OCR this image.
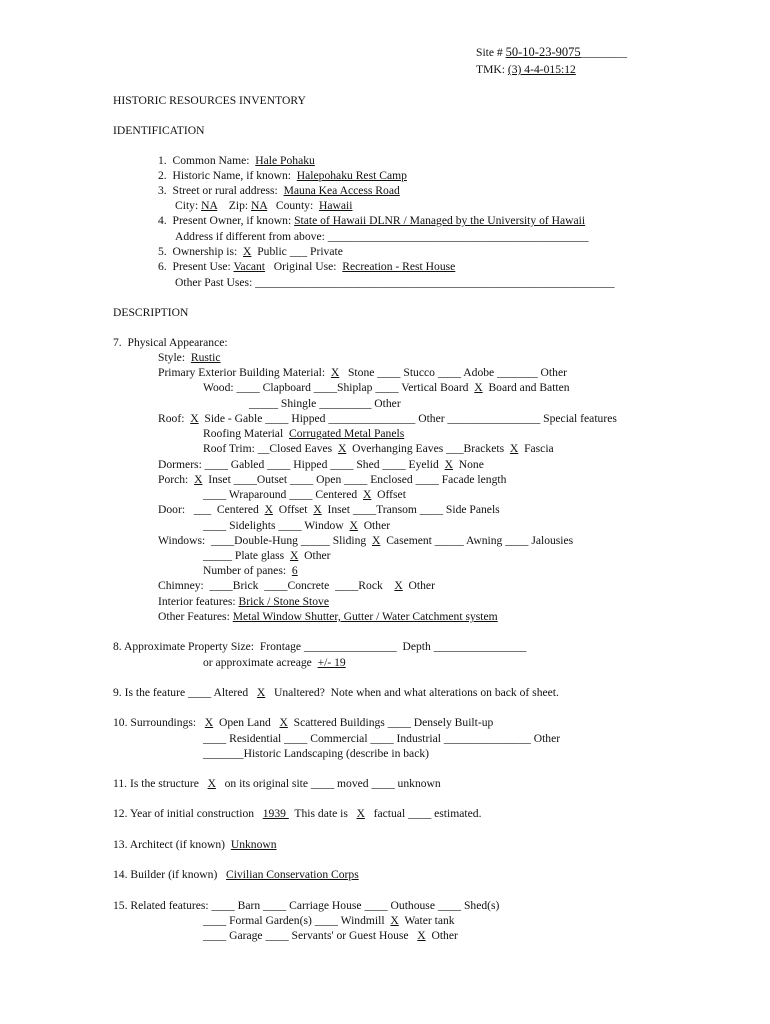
Site # 50-10-23-9075________
TMK: (3) 4-4-015:12
HISTORIC RESOURCES INVENTORY
IDENTIFICATION
1.  Common Name:  Hale Pohaku
2.  Historic Name, if known:  Halepohaku Rest Camp
3.  Street or rural address:  Mauna Kea Access Road
City: NA    Zip: NA   County:  Hawaii
4.  Present Owner, if known: State of Hawaii DLNR / Managed by the University of Hawaii
Address if different from above: _____________________________________________
5.  Ownership is:  X  Public ___ Private
6.  Present Use: Vacant   Original Use:  Recreation - Rest House
Other Past Uses: ______________________________________________________________
DESCRIPTION
7.  Physical Appearance:
Style:  Rustic
Primary Exterior Building Material:  X   Stone ____ Stucco ____ Adobe _______ Other
Wood: ____ Clapboard ____Shiplap ____ Vertical Board  X  Board and Batten
_____ Shingle _________ Other
Roof:  X  Side - Gable ____ Hipped _______________ Other ________________ Special features
Roofing Material  Corrugated Metal Panels
Roof Trim: __Closed Eaves  X  Overhanging Eaves ___Brackets  X  Fascia
Dormers: ____ Gabled ____ Hipped ____ Shed ____ Eyelid  X  None
Porch:  X  Inset ____Outset ____ Open ____ Enclosed ____ Facade length
____ Wraparound ____ Centered  X  Offset
Door:   ___  Centered  X  Offset  X  Inset ____Transom ____ Side Panels
____ Sidelights ____ Window  X  Other
Windows:  ____Double-Hung _____ Sliding  X  Casement _____ Awning ____ Jalousies
_____ Plate glass  X  Other
Number of panes:  6
Chimney:  ____Brick  ____Concrete  ____Rock    X  Other
Interior features: Brick / Stone Stove
Other Features: Metal Window Shutter, Gutter / Water Catchment system
8. Approximate Property Size:  Frontage ________________  Depth ________________
or approximate acreage  +/- 19
9. Is the feature ____ Altered   X   Unaltered?  Note when and what alterations on back of sheet.
10. Surroundings:   X  Open Land   X  Scattered Buildings ____ Densely Built-up
____ Residential ____ Commercial ____ Industrial _______________ Other
_______Historic Landscaping (describe in back)
11. Is the structure   X   on its original site ____ moved ____ unknown
12. Year of initial construction   1939   This date is   X   factual ____ estimated.
13. Architect (if known)  Unknown
14. Builder (if known)   Civilian Conservation Corps
15. Related features: ____ Barn ____ Carriage House ____ Outhouse ____ Shed(s)
____ Formal Garden(s) ____ Windmill  X  Water tank
____ Garage ____ Servants' or Guest House   X  Other
